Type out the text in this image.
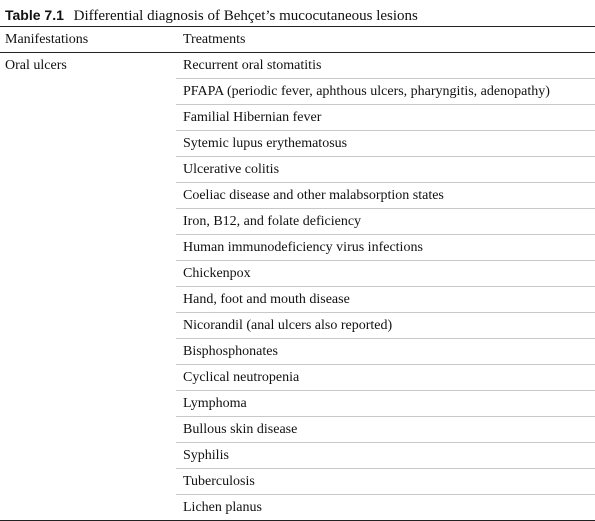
Table 7.1 Differential diagnosis of Behçet’s mucocutaneous lesions
Manifestations	Treatments
Oral ulcers	Recurrent oral stomatitis
PFAPA (periodic fever, aphthous ulcers, pharyngitis, adenopathy)
Familial Hibernian fever
Sytemic lupus erythematosus
Ulcerative colitis
Coeliac disease and other malabsorption states
Iron, B12, and folate deficiency
Human immunodeficiency virus infections
Chickenpox
Hand, foot and mouth disease
Nicorandil (anal ulcers also reported)
Bisphosphonates
Cyclical neutropenia
Lymphoma
Bullous skin disease
Syphilis
Tuberculosis
Lichen planus
